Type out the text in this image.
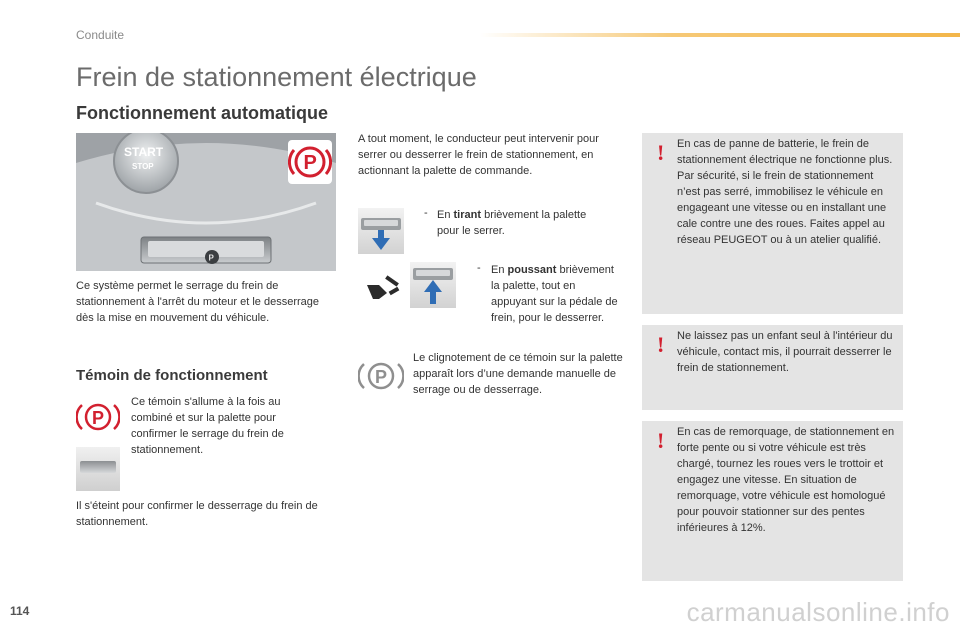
Conduite
Frein de stationnement électrique
Fonctionnement automatique
START
STOP
P
P

Ce système permet le serrage du frein de stationnement à l'arrêt du moteur et le desserrage dès la mise en mouvement du véhicule.

Témoin de fonctionnement
P

Ce témoin s'allume à la fois au combiné et sur la palette pour confirmer le serrage du frein de stationnement.

Il s'éteint pour confirmer le desserrage du frein de stationnement.

A tout moment, le conducteur peut intervenir pour serrer ou desserrer le frein de stationnement, en actionnant la palette de commande.

- En tirant brièvement la palette pour le serrer.

- En poussant brièvement la palette, tout en appuyant sur la pédale de frein, pour le desserrer.

P

Le clignotement de ce témoin sur la palette apparaît lors d’une demande manuelle de serrage ou de desserrage.

! En cas de panne de batterie, le frein de stationnement électrique ne fonctionne plus. Par sécurité, si le frein de stationnement n’est pas serré, immobilisez le véhicule en engageant une vitesse ou en installant une cale contre une des roues. Faites appel au réseau PEUGEOT ou à un atelier qualifié.

! Ne laissez pas un enfant seul à l'intérieur du véhicule, contact mis, il pourrait desserrer le frein de stationnement.

! En cas de remorquage, de stationnement en forte pente ou si votre véhicule est très chargé, tournez les roues vers le trottoir et engagez une vitesse. En situation de remorquage, votre véhicule est homologué pour pouvoir stationner sur des pentes inférieures à 12%.

114	carmanualsonline.info
